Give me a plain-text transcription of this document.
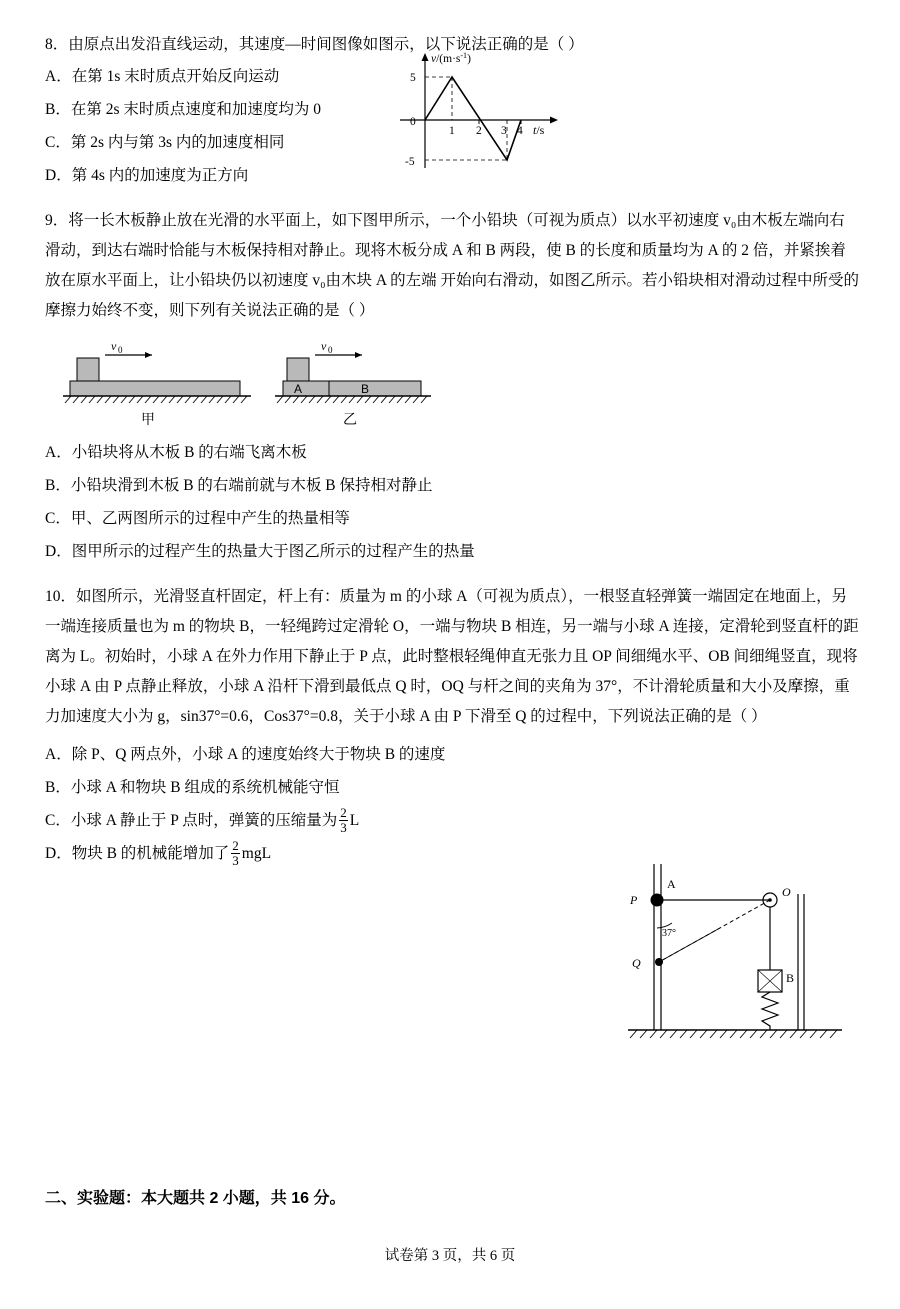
8．由原点出发沿直线运动，其速度—时间图像如图示，以下说法正确的是（ ）
A．在第 1s 末时质点开始反向运动
B．在第 2s 末时质点速度和加速度均为 0
C．第 2s 内与第 3s 内的加速度相同
D．第 4s 内的加速度为正方向
9．将一长木板静止放在光滑的水平面上，如下图甲所示，一个小铅块（可视为质点）以水平初速度 v₀由木板左端向右滑动，到达右端时恰能与木板保持相对静止。现将木板分成 A 和 B 两段，使 B 的长度和质量均为 A 的 2 倍，并紧挨着放在原水平面上，让小铅块仍以初速度 v₀由木块 A 的左端 开始向右滑动，如图乙所示。若小铅块相对滑动过程中所受的摩擦力始终不变，则下列有关说法正确的是（ ）
v 0
甲
A	B
v 0
乙
A．小铅块将从木板 B 的右端飞离木板
B．小铅块滑到木板 B 的右端前就与木板 B 保持相对静止
C．甲、乙两图所示的过程中产生的热量相等
D．图甲所示的过程产生的热量大于图乙所示的过程产生的热量
10．如图所示，光滑竖直杆固定，杆上有：质量为 m 的小球 A（可视为质点），一根竖直轻弹簧一端固定在地面上，另一端连接质量也为 m 的物块 B，一轻绳跨过定滑轮 O，一端与物块 B 相连，另一端与小球 A 连接，定滑轮到竖直杆的距离为 L。初始时，小球 A 在外力作用下静止于 P 点，此时整根轻绳伸直无张力且 OP 间细绳水平、OB 间细绳竖直，现将小球 A 由 P 点静止释放，小球 A 沿杆下滑到最低点 Q 时，OQ 与杆之间的夹角为 37°，不计滑轮质量和大小及摩擦，重力加速度大小为 g，sin37°=0.6，Cos37°=0.8，关于小球 A 由 P 下滑至 Q 的过程中，下列说法正确的是（ ）
A．除 P、Q 两点外，小球 A 的速度始终大于物块 B 的速度
B．小球 A 和物块 B 组成的系统机械能守恒
C．小球 A 静止于 P 点时，弹簧的压缩量为 $\frac{2}{3}$ L
D．物块 B 的机械能增加了 $\frac{2}{3}$ mgL
$v/(m\cdot s^{-1})$
t/s
5
0
-5
1 2 3 4
A
P
O
37°
Q
B
二、实验题：本大题共 2 小题，共 16 分。
试卷第 3 页，共 6 页
